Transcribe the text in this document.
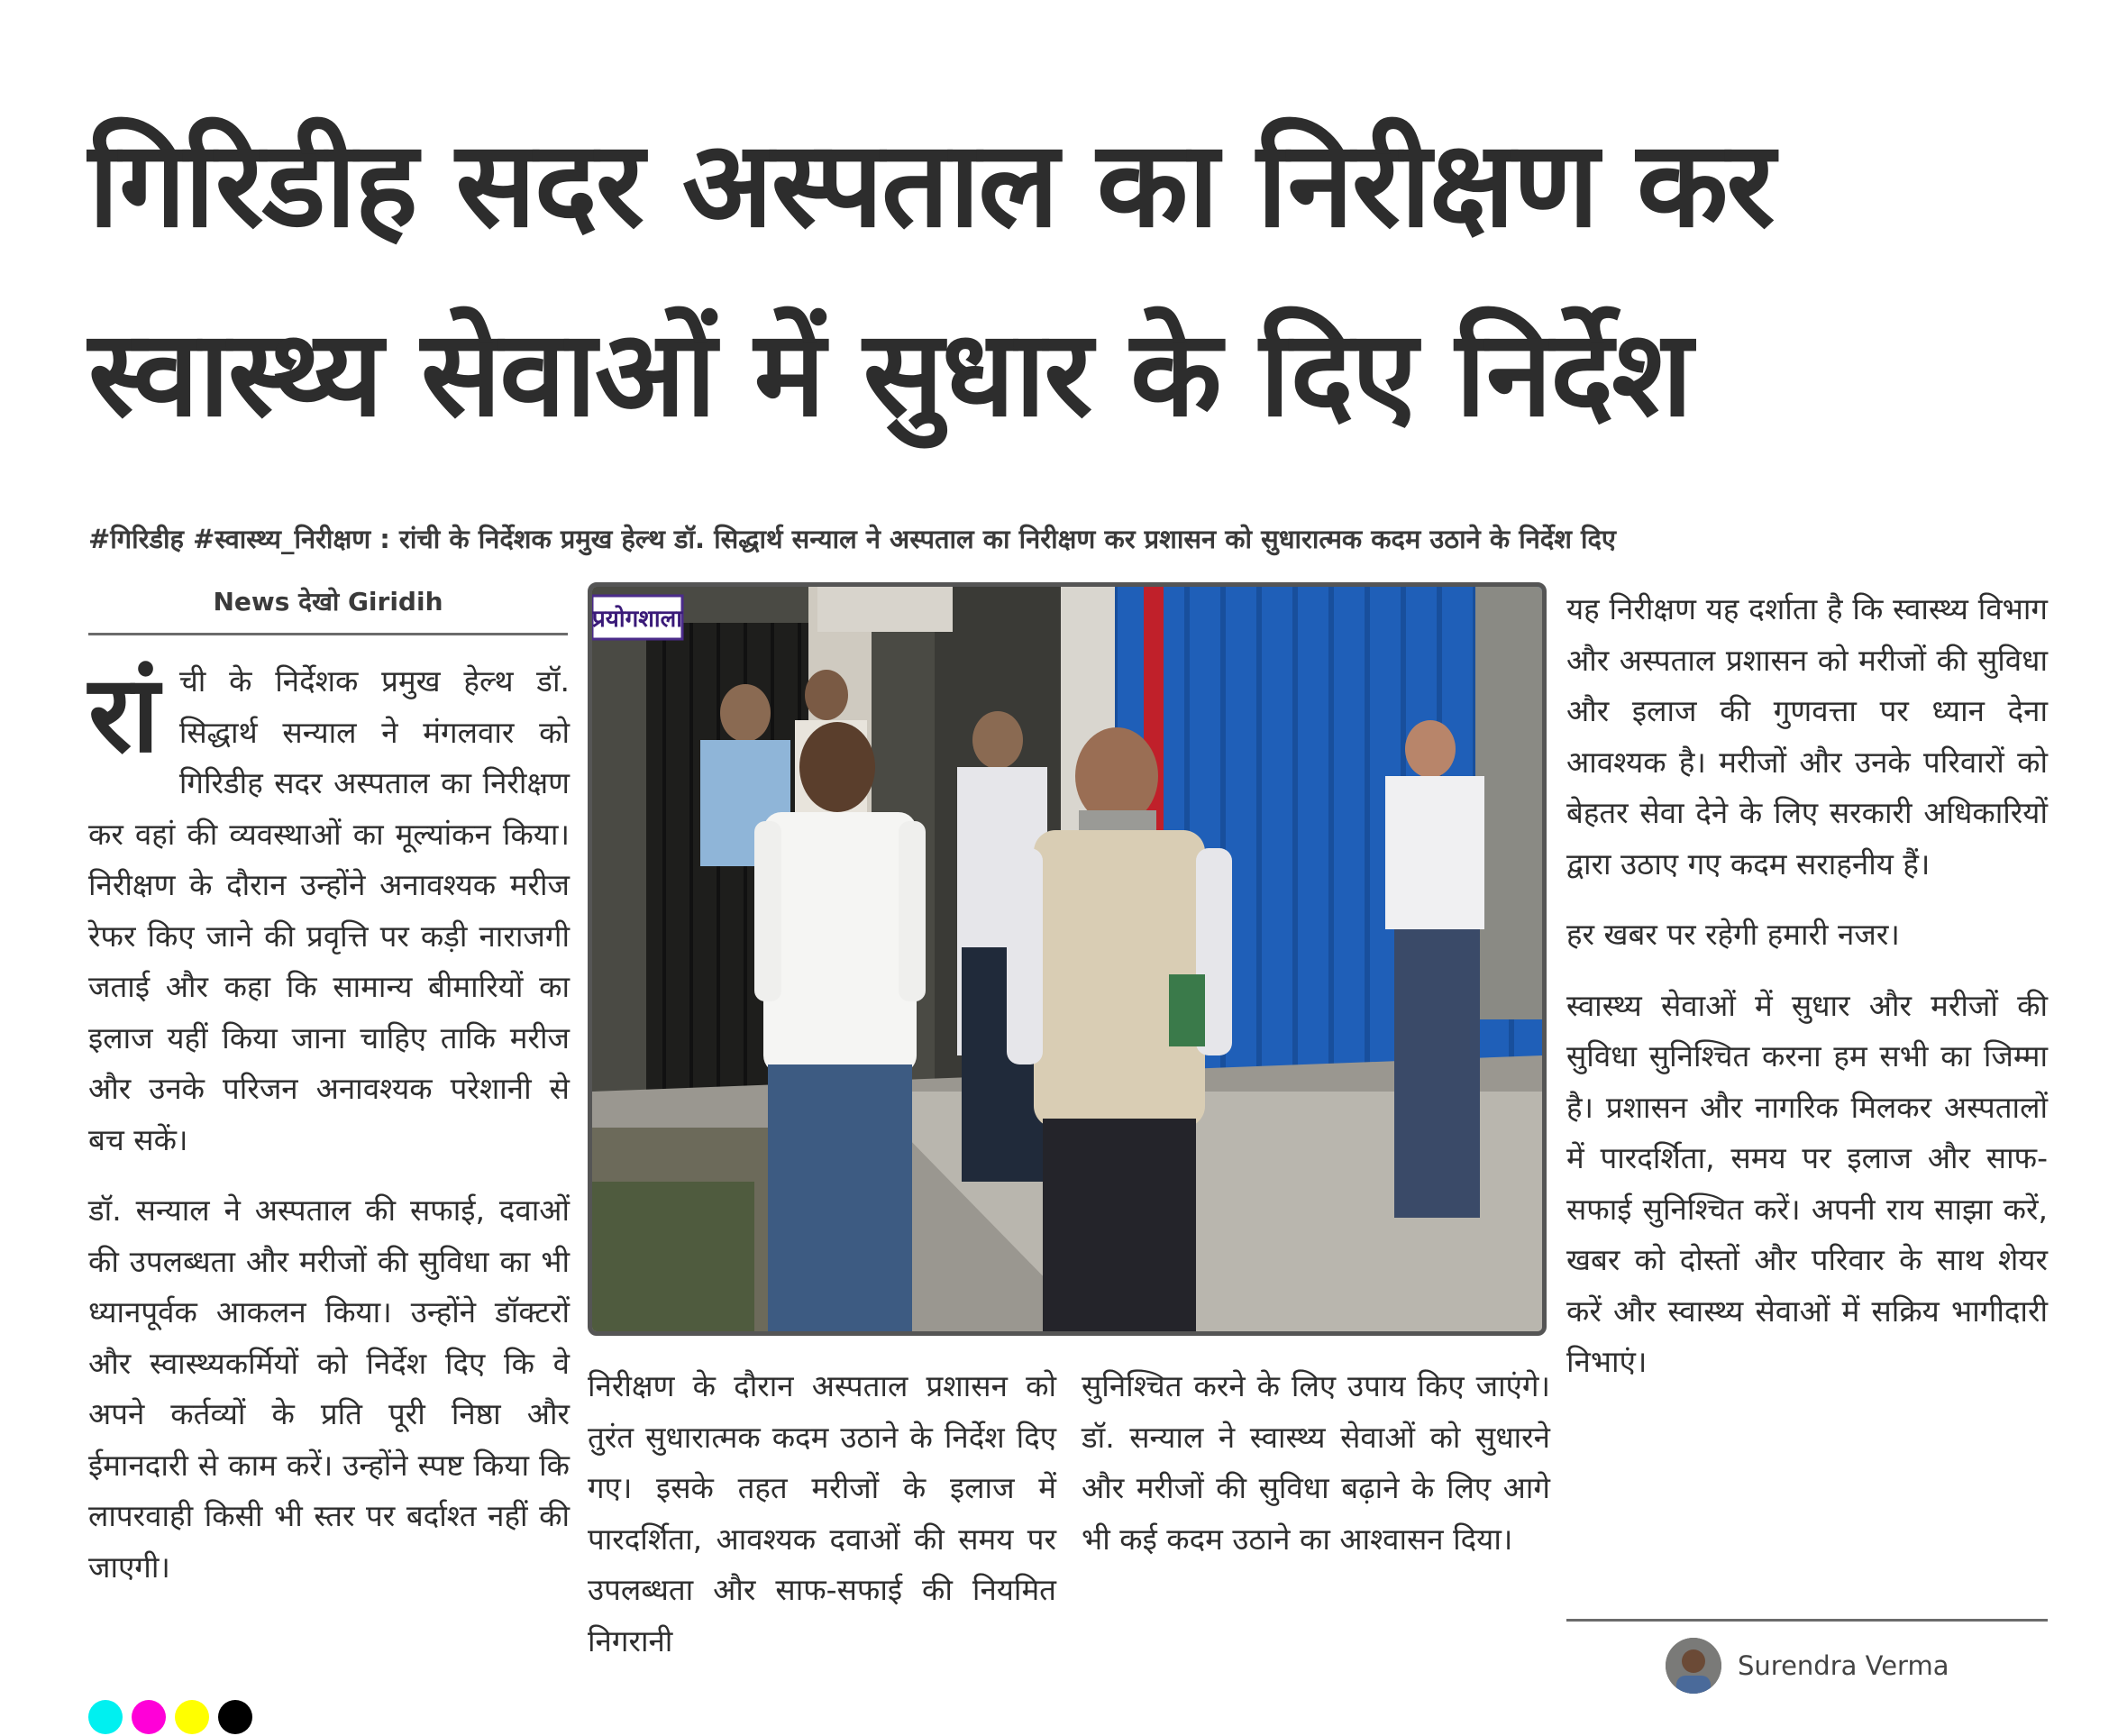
गिरिडीह सदर अस्पताल का निरीक्षण कर
स्वास्थ्य सेवाओं में सुधार के दिए निर्देश
#गिरिडीह #स्वास्थ्य_निरीक्षण : रांची के निर्देशक प्रमुख हेल्थ डॉ. सिद्धार्थ सन्याल ने अस्पताल का निरीक्षण कर प्रशासन को सुधारात्मक कदम उठाने के निर्देश दिए
News देखो Giridih

रांची के निर्देशक प्रमुख हेल्थ डॉ. सिद्धार्थ सन्याल ने मंगलवार को गिरिडीह सदर अस्पताल का निरीक्षण कर वहां की व्यवस्थाओं का मूल्यांकन किया। निरीक्षण के दौरान उन्होंने अनावश्यक मरीज रेफर किए जाने की प्रवृत्ति पर कड़ी नाराजगी जताई और कहा कि सामान्य बीमारियों का इलाज यहीं किया जाना चाहिए ताकि मरीज और उनके परिजन अनावश्यक परेशानी से बच सकें।

डॉ. सन्याल ने अस्पताल की सफाई, दवाओं की उपलब्धता और मरीजों की सुविधा का भी ध्यानपूर्वक आकलन किया। उन्होंने डॉक्टरों और स्वास्थ्यकर्मियों को निर्देश दिए कि वे अपने कर्तव्यों के प्रति पूरी निष्ठा और ईमानदारी से काम करें। उन्होंने स्पष्ट किया कि लापरवाही किसी भी स्तर पर बर्दाश्त नहीं की जाएगी।

प्रयोगशाला

निरीक्षण के दौरान अस्पताल प्रशासन को तुरंत सुधारात्मक कदम उठाने के निर्देश दिए गए। इसके तहत मरीजों के इलाज में पारदर्शिता, आवश्यक दवाओं की समय पर उपलब्धता और साफ-सफाई की नियमित निगरानी

सुनिश्चित करने के लिए उपाय किए जाएंगे। डॉ. सन्याल ने स्वास्थ्य सेवाओं को सुधारने और मरीजों की सुविधा बढ़ाने के लिए आगे भी कई कदम उठाने का आश्वासन दिया।

यह निरीक्षण यह दर्शाता है कि स्वास्थ्य विभाग और अस्पताल प्रशासन को मरीजों की सुविधा और इलाज की गुणवत्ता पर ध्यान देना आवश्यक है। मरीजों और उनके परिवारों को बेहतर सेवा देने के लिए सरकारी अधिकारियों द्वारा उठाए गए कदम सराहनीय हैं।

हर खबर पर रहेगी हमारी नजर।

स्वास्थ्य सेवाओं में सुधार और मरीजों की सुविधा सुनिश्चित करना हम सभी का जिम्मा है। प्रशासन और नागरिक मिलकर अस्पतालों में पारदर्शिता, समय पर इलाज और साफ-सफाई सुनिश्चित करें। अपनी राय साझा करें, खबर को दोस्तों और परिवार के साथ शेयर करें और स्वास्थ्य सेवाओं में सक्रिय भागीदारी निभाएं।

Surendra Verma
